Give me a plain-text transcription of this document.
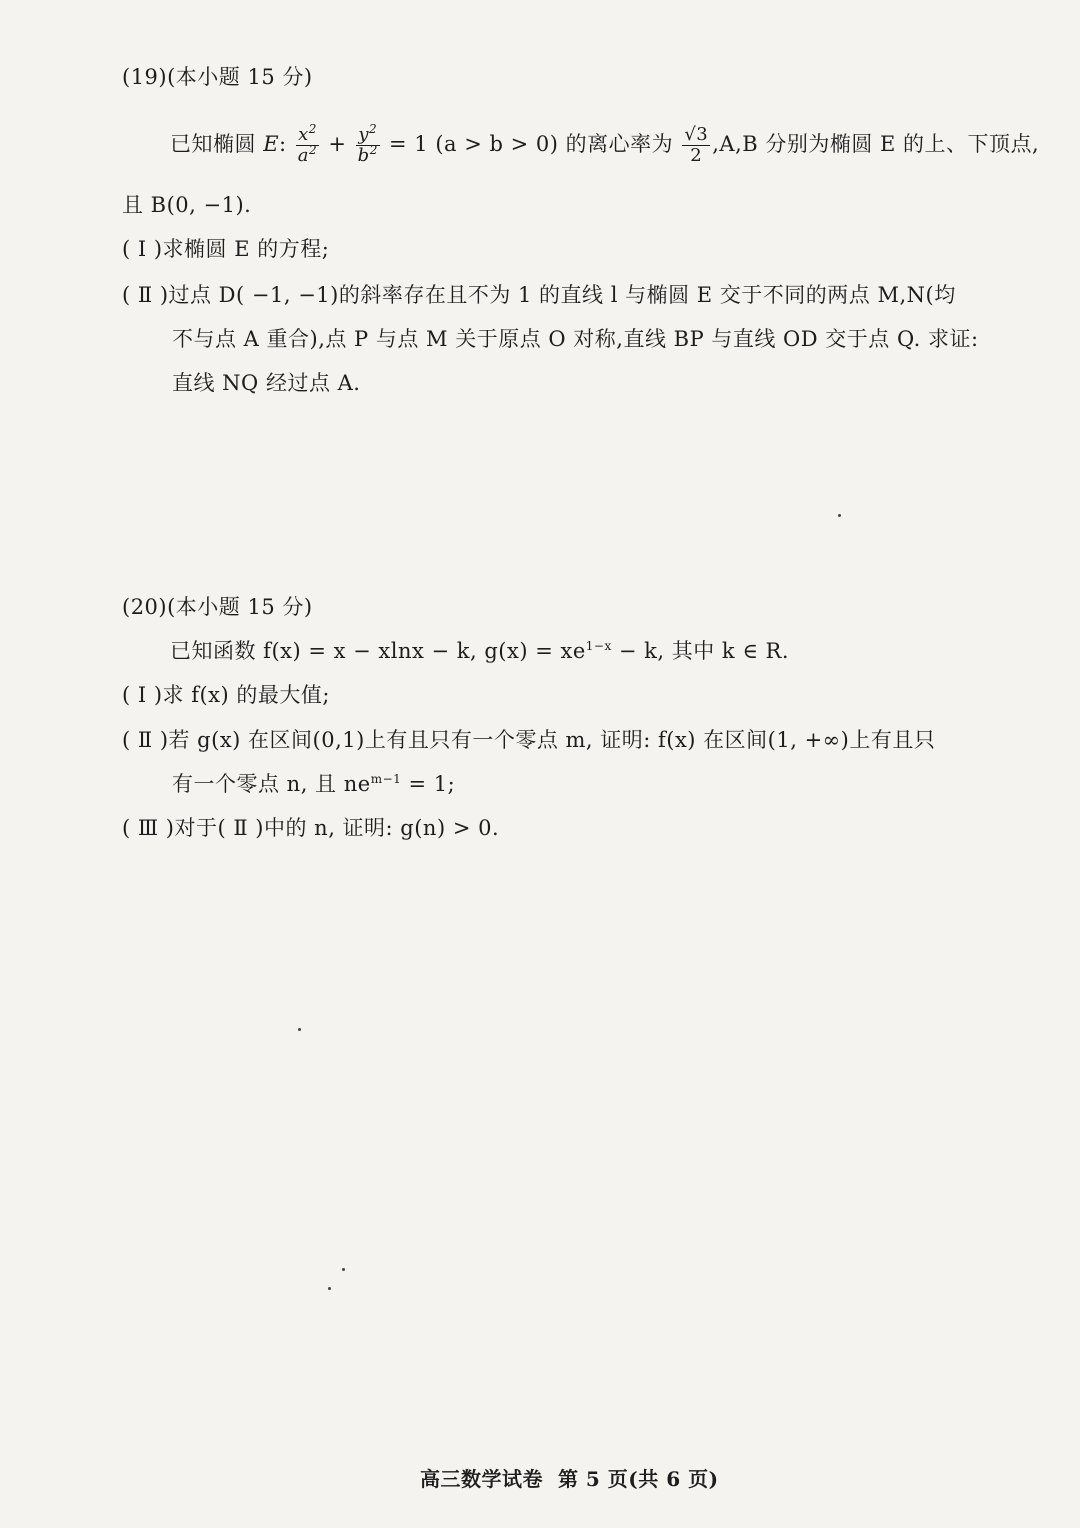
(19)(本小题 15 分)
已知椭圆 E: $\frac{x^2}{a^2} + \frac{y^2}{b^2} = 1$ (a > b > 0) 的离心率为 $\frac{√3}{2} ,A,B$ 分别为椭圆 E 的上、下顶点,
且 B(0, −1).
( Ⅰ )求椭圆 E 的方程;
( Ⅱ )过点 D( −1, −1)的斜率存在且不为 1 的直线 l 与椭圆 E 交于不同的两点 M,N(均
不与点 A 重合),点 P 与点 M 关于原点 O 对称,直线 BP 与直线 OD 交于点 Q. 求证:
直线 NQ 经过点 A.
(20)(本小题 15 分)
已知函数 f(x) = x − xlnx − k, $g(x) = xe^{1-x} - k$, 其中 k ∈ R.
( Ⅰ )求 f(x) 的最大值;
( Ⅱ )若 g(x) 在区间(0,1)上有且只有一个零点 m, 证明: f(x) 在区间(1, +∞)上有且只
有一个零点 n, 且 $ne^{m-1} = 1$;
( Ⅲ )对于( Ⅱ )中的 n, 证明: g(n) > 0.
高三数学试卷 第 5 页(共 6 页)
